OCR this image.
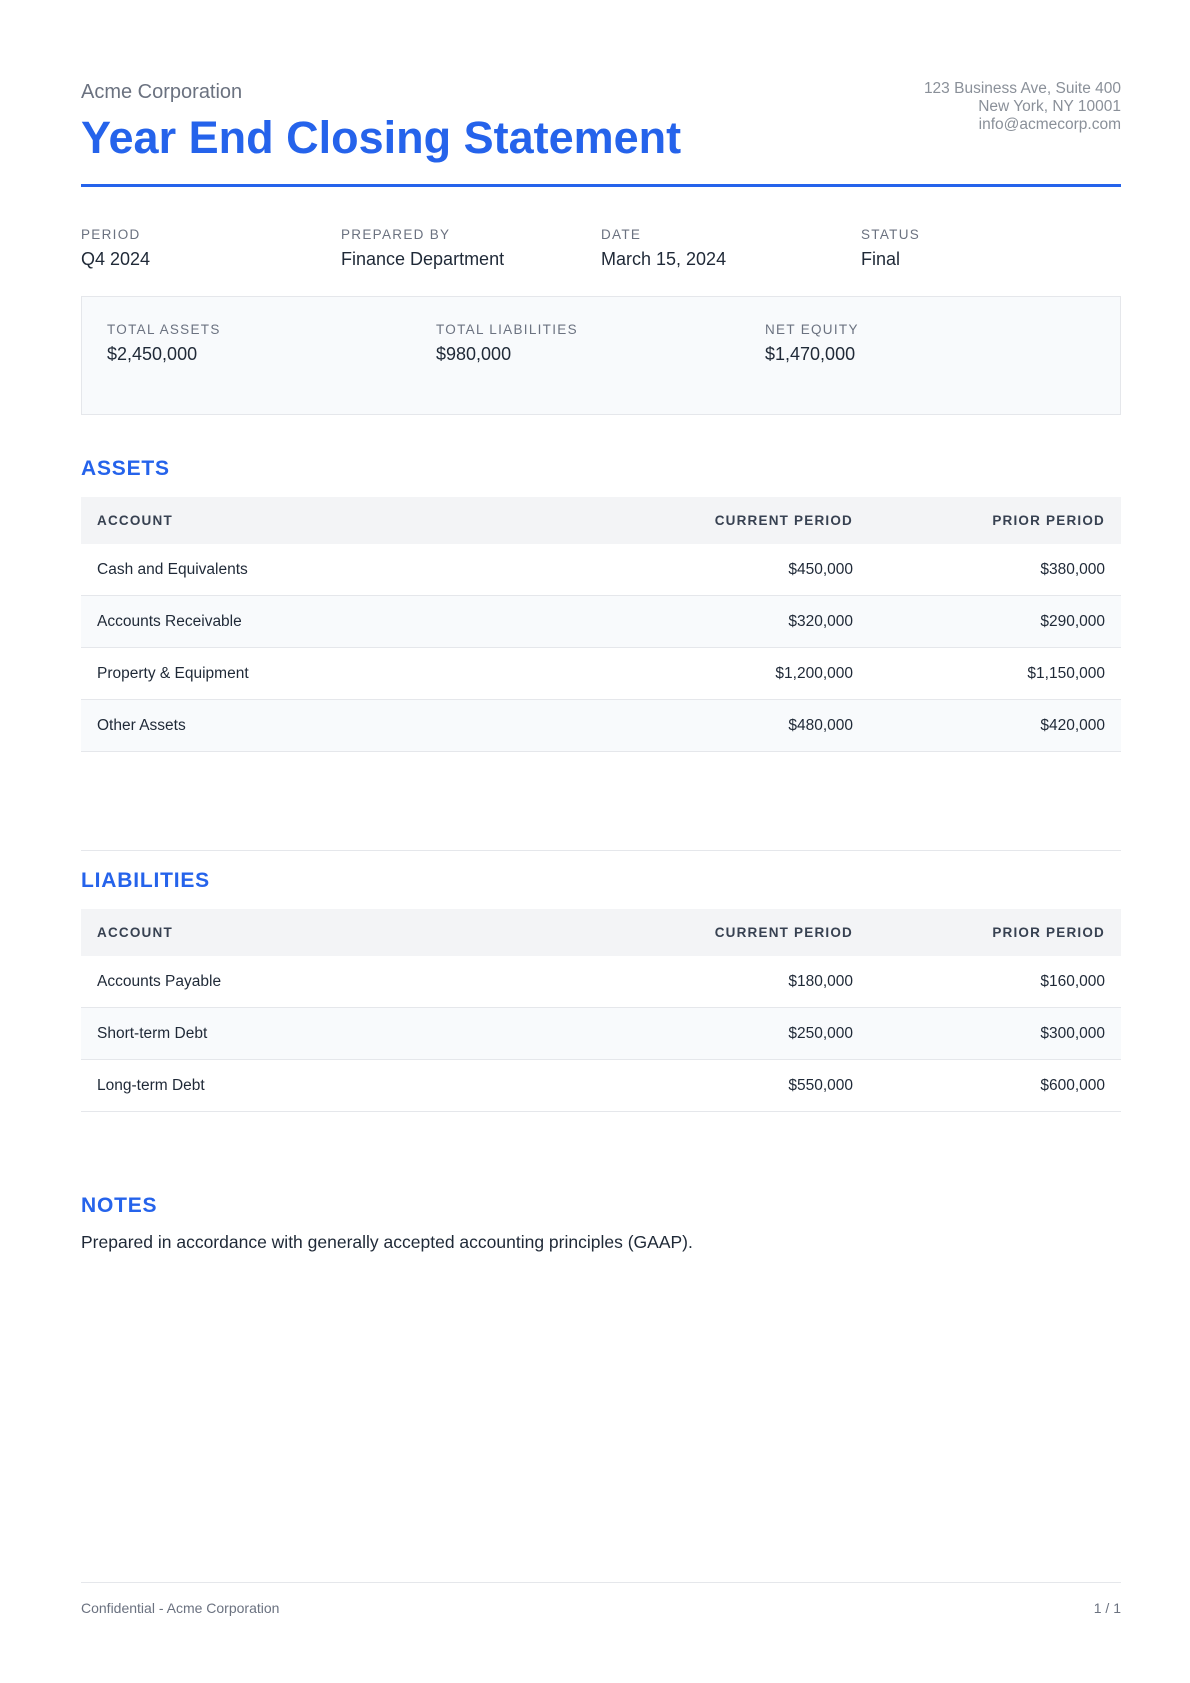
Acme Corporation
Year End Closing Statement
123 Business Ave, Suite 400
New York, NY 10001
info@acmecorp.com
PERIOD
Q4 2024
PREPARED BY
Finance Department
DATE
March 15, 2024
STATUS
Final
TOTAL ASSETS
$2,450,000
TOTAL LIABILITIES
$980,000
NET EQUITY
$1,470,000
ASSETS
ACCOUNT	CURRENT PERIOD	PRIOR PERIOD
Cash and Equivalents	$450,000	$380,000
Accounts Receivable	$320,000	$290,000
Property & Equipment	$1,200,000	$1,150,000
Other Assets	$480,000	$420,000
LIABILITIES
ACCOUNT	CURRENT PERIOD	PRIOR PERIOD
Accounts Payable	$180,000	$160,000
Short-term Debt	$250,000	$300,000
Long-term Debt	$550,000	$600,000
NOTES
Prepared in accordance with generally accepted accounting principles (GAAP).
Confidential - Acme Corporation	1 / 1
